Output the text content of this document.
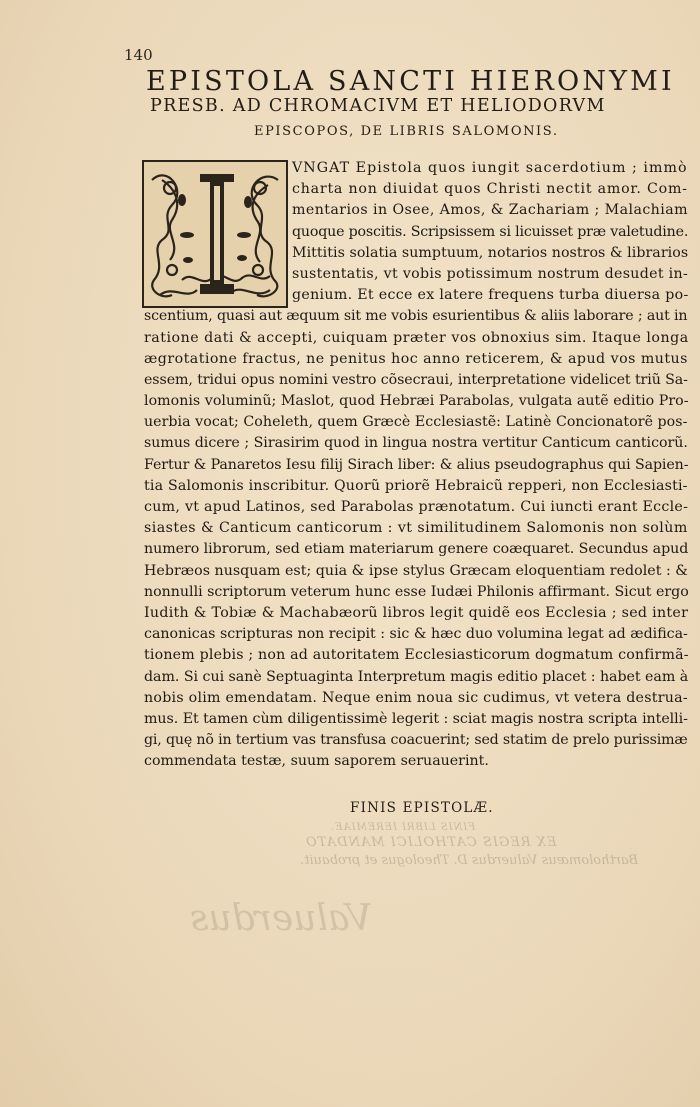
140
EPISTOLA SANCTI HIERONYMI
PRESB. AD CHROMACIVM ET HELIODORVM
EPISCOPOS, DE LIBRIS SALOMONIS.
VNGAT Epistola quos iungit sacerdotium ; immò
charta non diuidat quos Christi nectit amor. Com-
mentarios in Osee, Amos, & Zachariam ; Malachiam
quoque poscitis. Scripsissem si licuisset præ valetudine.
Mittitis solatia sumptuum, notarios nostros & librarios
sustentatis, vt vobis potissimum nostrum desudet in-
genium. Et ecce ex latere frequens turba diuersa po-
scentium, quasi aut æquum sit me vobis esurientibus & aliis laborare ; aut in
ratione dati & accepti, cuiquam præter vos obnoxius sim. Itaque longa
ægrotatione fractus, ne penitus hoc anno reticerem, & apud vos mutus
essem, tridui opus nomini vestro cõsecraui, interpretatione videlicet triũ Sa-
lomonis voluminũ; Maslot, quod Hebræi Parabolas, vulgata autẽ editio Pro-
uerbia vocat; Coheleth, quem Græcè Ecclesiastẽ: Latinè Concionatorẽ pos-
sumus dicere ; Sirasirim quod in lingua nostra vertitur Canticum canticorũ.
Fertur & Panaretos Iesu filij Sirach liber: & alius pseudographus qui Sapien-
tia Salomonis inscribitur. Quorũ priorẽ Hebraicũ repperi, non Ecclesiasti-
cum, vt apud Latinos, sed Parabolas prænotatum. Cui iuncti erant Eccle-
siastes & Canticum canticorum : vt similitudinem Salomonis non solùm
numero librorum, sed etiam materiarum genere coæquaret. Secundus apud
Hebræos nusquam est; quia & ipse stylus Græcam eloquentiam redolet : &
nonnulli scriptorum veterum hunc esse Iudæi Philonis affirmant. Sicut ergo
Iudith & Tobiæ & Machabæorũ libros legit quidẽ eos Ecclesia ; sed inter
canonicas scripturas non recipit : sic & hæc duo volumina legat ad ædifica-
tionem plebis ; non ad autoritatem Ecclesiasticorum dogmatum confirmã-
dam. Si cui sanè Septuaginta Interpretum magis editio placet : habet eam à
nobis olim emendatam. Neque enim noua sic cudimus, vt vetera destrua-
mus. Et tamen cùm diligentissimè legerit : sciat magis nostra scripta intelli-
gi, quę nõ in tertium vas transfusa coacuerint; sed statim de prelo purissimæ
commendata testæ, suum saporem seruauerint.
FINIS EPISTOLÆ.
FINIS LIBRI IEREMIAE.
EX REGIS CATHOLICI MANDATO
Bartholomæus Valuerdus D. Theologus et probauit.
Valuerdus
